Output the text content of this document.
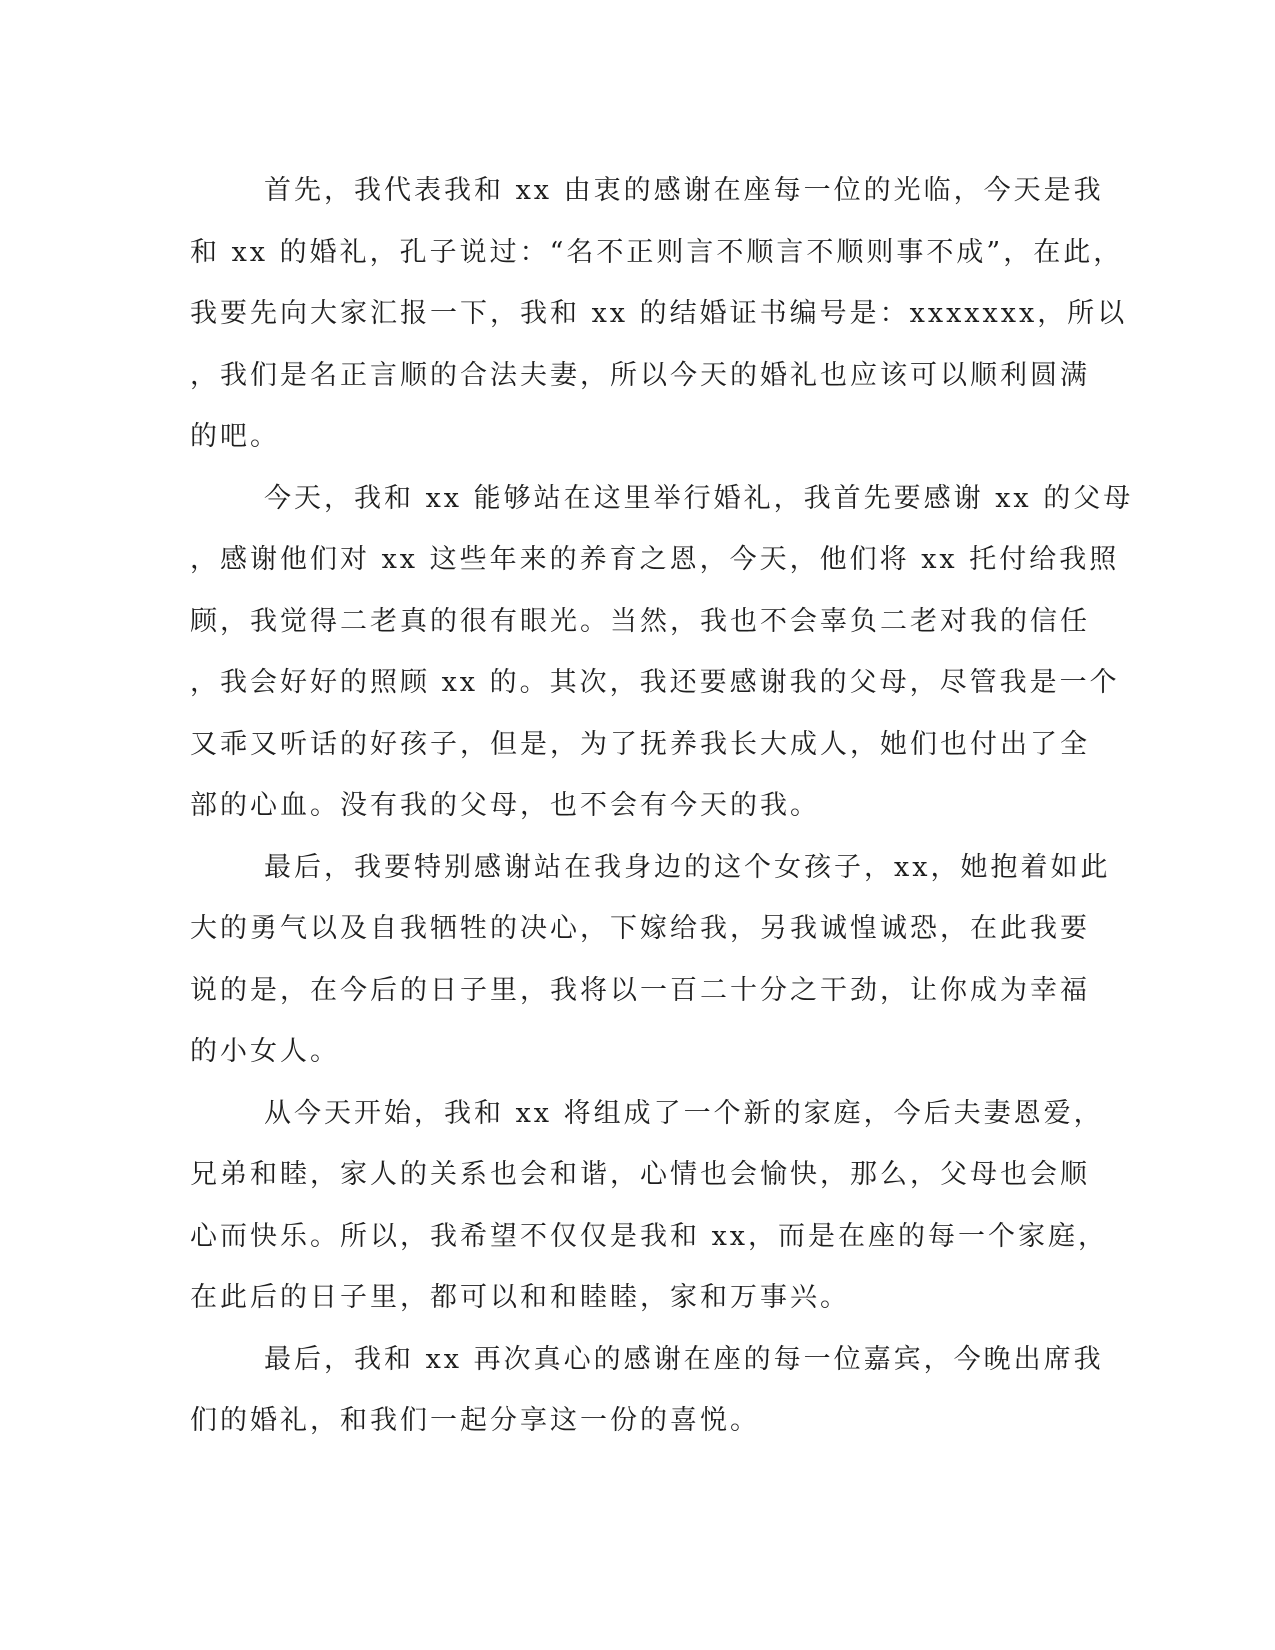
首先，我代表我和 xx 由衷的感谢在座每一位的光临，今天是我
和 xx 的婚礼，孔子说过：“名不正则言不顺言不顺则事不成”，在此，
我要先向大家汇报一下，我和 xx 的结婚证书编号是：xxxxxxx，所以
，我们是名正言顺的合法夫妻，所以今天的婚礼也应该可以顺利圆满
的吧。
今天，我和 xx 能够站在这里举行婚礼，我首先要感谢 xx 的父母
，感谢他们对 xx 这些年来的养育之恩，今天，他们将 xx 托付给我照
顾，我觉得二老真的很有眼光。当然，我也不会辜负二老对我的信任
，我会好好的照顾 xx 的。其次，我还要感谢我的父母，尽管我是一个
又乖又听话的好孩子，但是，为了抚养我长大成人，她们也付出了全
部的心血。没有我的父母，也不会有今天的我。
最后，我要特别感谢站在我身边的这个女孩子，xx，她抱着如此
大的勇气以及自我牺牲的决心，下嫁给我，另我诚惶诚恐，在此我要
说的是，在今后的日子里，我将以一百二十分之干劲，让你成为幸福
的小女人。
从今天开始，我和 xx 将组成了一个新的家庭，今后夫妻恩爱，
兄弟和睦，家人的关系也会和谐，心情也会愉快，那么，父母也会顺
心而快乐。所以，我希望不仅仅是我和 xx，而是在座的每一个家庭，
在此后的日子里，都可以和和睦睦，家和万事兴。
最后，我和 xx 再次真心的感谢在座的每一位嘉宾，今晚出席我
们的婚礼，和我们一起分享这一份的喜悦。
